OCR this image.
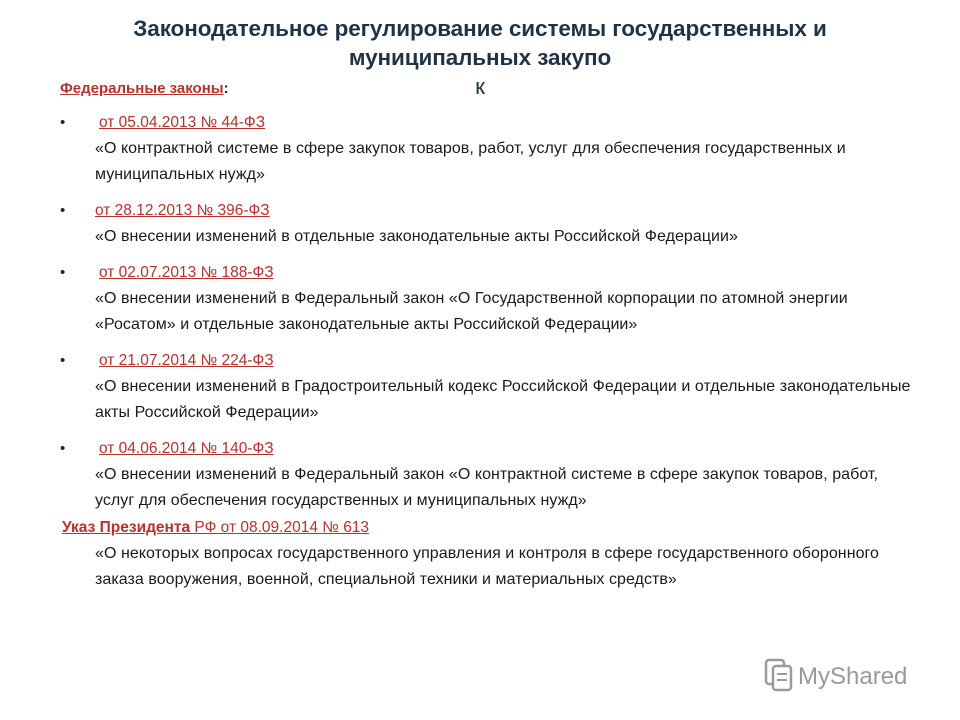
Законодательное регулирование системы государственных и
муниципальных закупо
к
Федеральные законы:
• от 05.04.2013 № 44-ФЗ
«О контрактной системе в сфере закупок товаров, работ, услуг для обеспечения государственных и муниципальных нужд»
• от 28.12.2013 № 396-ФЗ
«О внесении изменений в отдельные законодательные акты Российской Федерации»
• от 02.07.2013 № 188-ФЗ
«О внесении изменений в Федеральный закон «О Государственной корпорации по атомной энергии «Росатом» и отдельные законодательные акты Российской Федерации»
• от 21.07.2014 № 224-ФЗ
«О внесении изменений в Градостроительный кодекс Российской Федерации и отдельные законодательные акты Российской Федерации»
• от 04.06.2014 № 140-ФЗ
«О внесении изменений в Федеральный закон «О контрактной системе в сфере закупок товаров, работ, услуг для обеспечения государственных и муниципальных нужд»
Указ Президента РФ от 08.09.2014 № 613
«О некоторых вопросах государственного управления и контроля в сфере государственного оборонного заказа вооружения, военной, специальной техники и материальных средств»
MyShared
